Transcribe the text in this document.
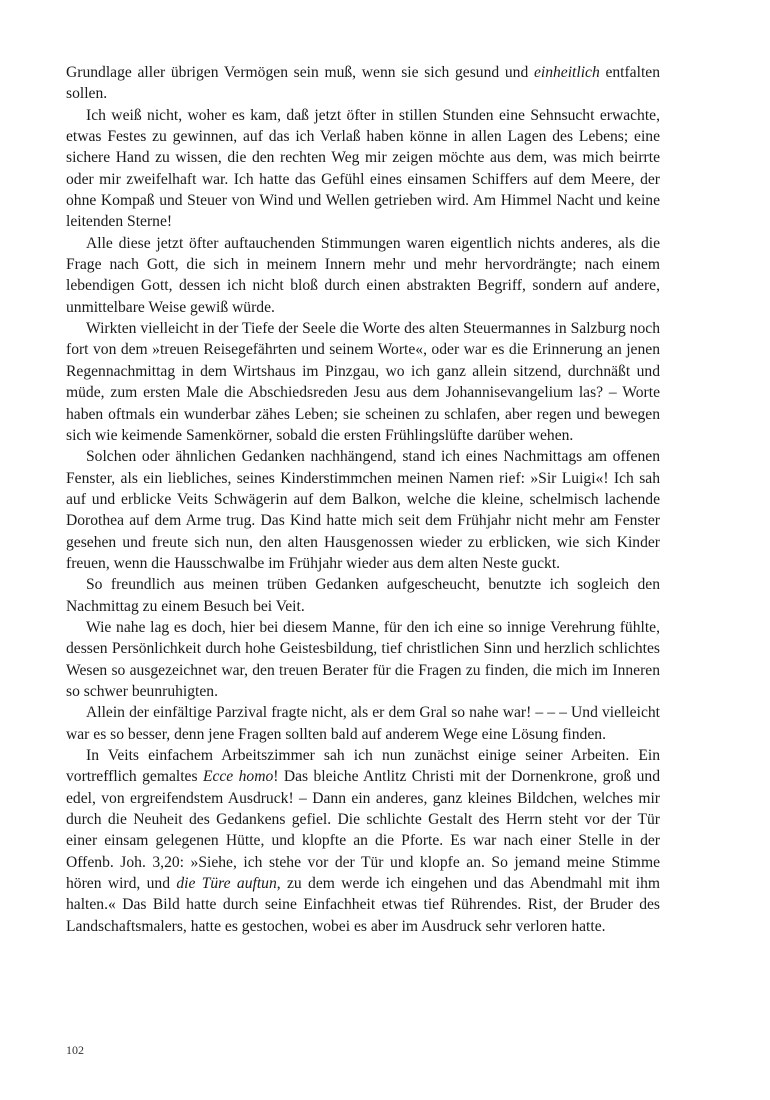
Grundlage aller übrigen Vermögen sein muß, wenn sie sich gesund und einheitlich entfalten sollen.

Ich weiß nicht, woher es kam, daß jetzt öfter in stillen Stunden eine Sehnsucht erwachte, etwas Festes zu gewinnen, auf das ich Verlaß haben könne in allen Lagen des Lebens; eine sichere Hand zu wissen, die den rechten Weg mir zeigen möchte aus dem, was mich beirrte oder mir zweifelhaft war. Ich hatte das Gefühl eines einsamen Schiffers auf dem Meere, der ohne Kompaß und Steuer von Wind und Wellen getrieben wird. Am Himmel Nacht und keine leitenden Sterne!

Alle diese jetzt öfter auftauchenden Stimmungen waren eigentlich nichts anderes, als die Frage nach Gott, die sich in meinem Innern mehr und mehr hervordrängte; nach einem lebendigen Gott, dessen ich nicht bloß durch einen abstrakten Begriff, sondern auf andere, unmittelbare Weise gewiß würde.

Wirkten vielleicht in der Tiefe der Seele die Worte des alten Steuermannes in Salzburg noch fort von dem »treuen Reisegefährten und seinem Worte«, oder war es die Erinnerung an jenen Regennachmittag in dem Wirtshaus im Pinzgau, wo ich ganz allein sitzend, durchnäßt und müde, zum ersten Male die Abschiedsreden Jesu aus dem Johannisevangelium las? – Worte haben oftmals ein wunderbar zähes Leben; sie scheinen zu schlafen, aber regen und bewegen sich wie keimende Samenkörner, sobald die ersten Frühlingslüfte darüber wehen.

Solchen oder ähnlichen Gedanken nachhängend, stand ich eines Nachmittags am offenen Fenster, als ein liebliches, seines Kinderstimmchen meinen Namen rief: »Sir Luigi«! Ich sah auf und erblicke Veits Schwägerin auf dem Balkon, welche die kleine, schelmisch lachende Dorothea auf dem Arme trug. Das Kind hatte mich seit dem Frühjahr nicht mehr am Fenster gesehen und freute sich nun, den alten Hausgenossen wieder zu erblicken, wie sich Kinder freuen, wenn die Hausschwalbe im Frühjahr wieder aus dem alten Neste guckt.

So freundlich aus meinen trüben Gedanken aufgescheucht, benutzte ich sogleich den Nachmittag zu einem Besuch bei Veit.

Wie nahe lag es doch, hier bei diesem Manne, für den ich eine so innige Verehrung fühlte, dessen Persönlichkeit durch hohe Geistesbildung, tief christlichen Sinn und herzlich schlichtes Wesen so ausgezeichnet war, den treuen Berater für die Fragen zu finden, die mich im Inneren so schwer beunruhigten.

Allein der einfältige Parzival fragte nicht, als er dem Gral so nahe war! – – – Und vielleicht war es so besser, denn jene Fragen sollten bald auf anderem Wege eine Lösung finden.

In Veits einfachem Arbeitszimmer sah ich nun zunächst einige seiner Arbeiten. Ein vortrefflich gemaltes Ecce homo! Das bleiche Antlitz Christi mit der Dornenkrone, groß und edel, von ergreifendstem Ausdruck! – Dann ein anderes, ganz kleines Bildchen, welches mir durch die Neuheit des Gedankens gefiel. Die schlichte Gestalt des Herrn steht vor der Tür einer einsam gelegenen Hütte, und klopfte an die Pforte. Es war nach einer Stelle in der Offenb. Joh. 3,20: »Siehe, ich stehe vor der Tür und klopfe an. So jemand meine Stimme hören wird, und die Türe auftun, zu dem werde ich eingehen und das Abendmahl mit ihm halten.« Das Bild hatte durch seine Einfachheit etwas tief Rührendes. Rist, der Bruder des Landschaftsmalers, hatte es gestochen, wobei es aber im Ausdruck sehr verloren hatte.

102
